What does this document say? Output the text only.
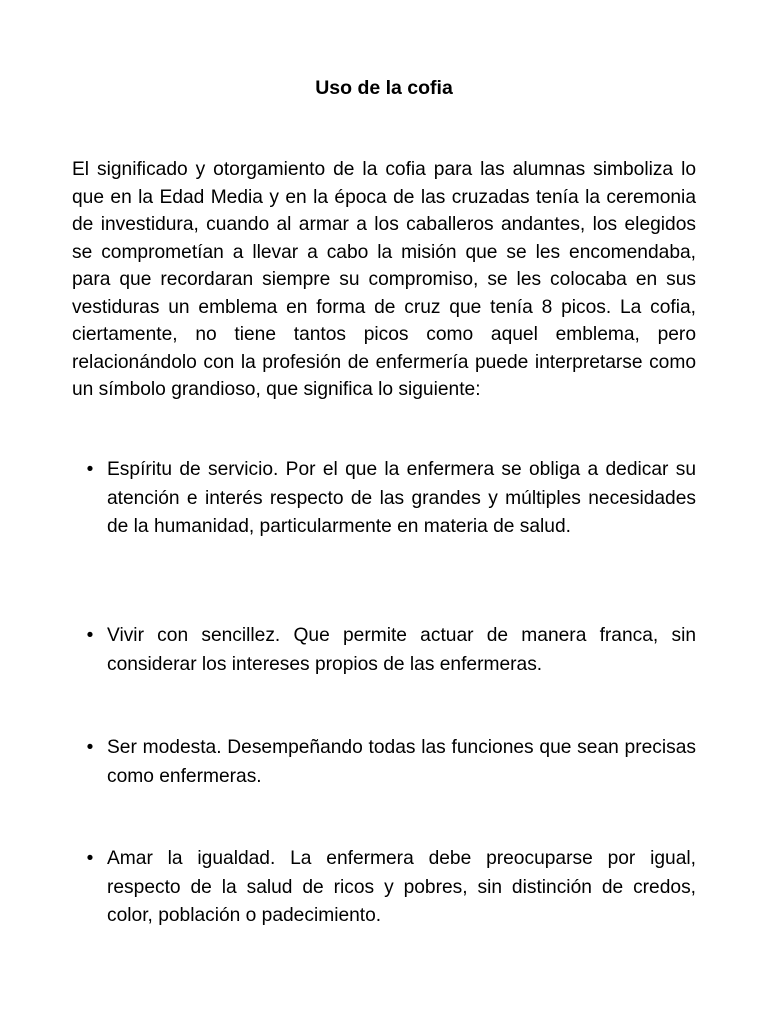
Uso de la cofia

El significado y otorgamiento de la cofia para las alumnas simboliza lo que en la Edad Media y en la época de las cruzadas tenía la ceremonia de investidura, cuando al armar a los caballeros andantes, los elegidos se comprometían a llevar a cabo la misión que se les encomendaba, para que recordaran siempre su compromiso, se les colocaba en sus vestiduras un emblema en forma de cruz que tenía 8 picos. La cofia, ciertamente, no tiene tantos picos como aquel emblema, pero relacionándolo con la profesión de enfermería puede interpretarse como un símbolo grandioso, que significa lo siguiente:

• Espíritu de servicio. Por el que la enfermera se obliga a dedicar su atención e interés respecto de las grandes y múltiples necesidades de la humanidad, particularmente en materia de salud.
• Vivir con sencillez. Que permite actuar de manera franca, sin considerar los intereses propios de las enfermeras.
• Ser modesta. Desempeñando todas las funciones que sean precisas como enfermeras.
• Amar la igualdad. La enfermera debe preocuparse por igual, respecto de la salud de ricos y pobres, sin distinción de credos, color, población o padecimiento.
